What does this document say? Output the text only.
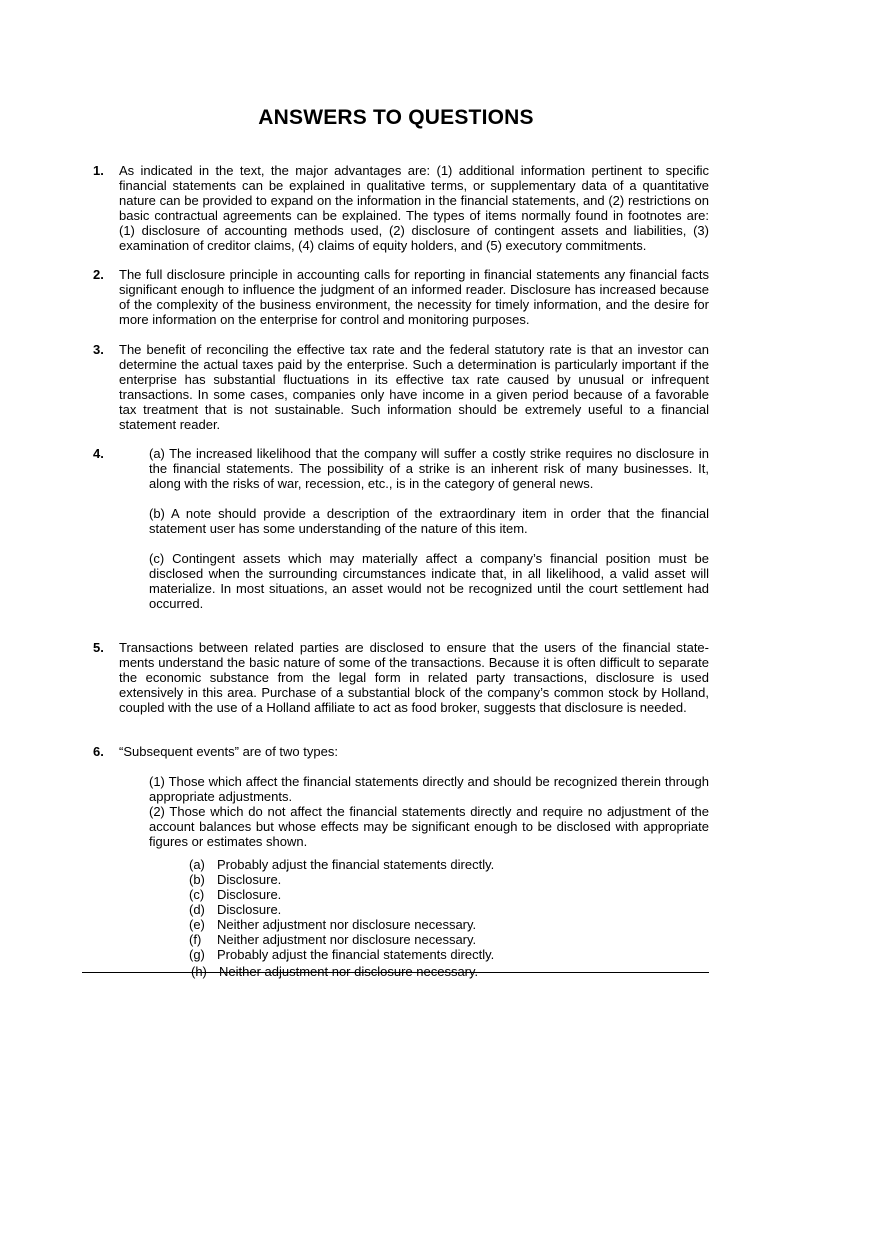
ANSWERS TO QUESTIONS
1. As indicated in the text, the major advantages are: (1) additional information pertinent to specific financial statements can be explained in qualitative terms, or supplementary data of a quantitative nature can be provided to expand on the information in the financial statements, and (2) restrictions on basic contractual agreements can be explained. The types of items normally found in footnotes are: (1) disclosure of accounting methods used, (2) disclosure of contingent assets and liabilities, (3) examination of creditor claims, (4) claims of equity holders, and (5) executory commitments.
2. The full disclosure principle in accounting calls for reporting in financial statements any financial facts significant enough to influence the judgment of an informed reader. Disclosure has increased because of the complexity of the business environment, the necessity for timely information, and the desire for more information on the enterprise for control and monitoring purposes.
3. The benefit of reconciling the effective tax rate and the federal statutory rate is that an investor can determine the actual taxes paid by the enterprise. Such a determination is particularly important if the enterprise has substantial fluctuations in its effective tax rate caused by unusual or infrequent transactions. In some cases, companies only have income in a given period because of a favorable tax treatment that is not sustainable. Such information should be extremely useful to a financial statement reader.
4.	(a) The increased likelihood that the company will suffer a costly strike requires no disclosure in the financial statements. The possibility of a strike is an inherent risk of many businesses. It, along with the risks of war, recession, etc., is in the category of general news.
(b) A note should provide a description of the extraordinary item in order that the financial statement user has some understanding of the nature of this item.
(c) Contingent assets which may materially affect a company’s financial position must be disclosed when the surrounding circumstances indicate that, in all likelihood, a valid asset will materialize. In most situations, an asset would not be recognized until the court settlement had occurred.
5. Transactions between related parties are disclosed to ensure that the users of the financial state-ments understand the basic nature of some of the transactions. Because it is often difficult to separate the economic substance from the legal form in related party transactions, disclosure is used extensively in this area. Purchase of a substantial block of the company’s common stock by Holland, coupled with the use of a Holland affiliate to act as food broker, suggests that disclosure is needed.
6. “Subsequent events” are of two types:
(1) Those which affect the financial statements directly and should be recognized therein through appropriate adjustments.
(2) Those which do not affect the financial statements directly and require no adjustment of the account balances but whose effects may be significant enough to be disclosed with appropriate figures or estimates shown.
(a) Probably adjust the financial statements directly.
(b) Disclosure.
(c) Disclosure.
(d) Disclosure.
(e) Neither adjustment nor disclosure necessary.
(f) Neither adjustment nor disclosure necessary.
(g) Probably adjust the financial statements directly.
(h) Neither adjustment nor disclosure necessary.
